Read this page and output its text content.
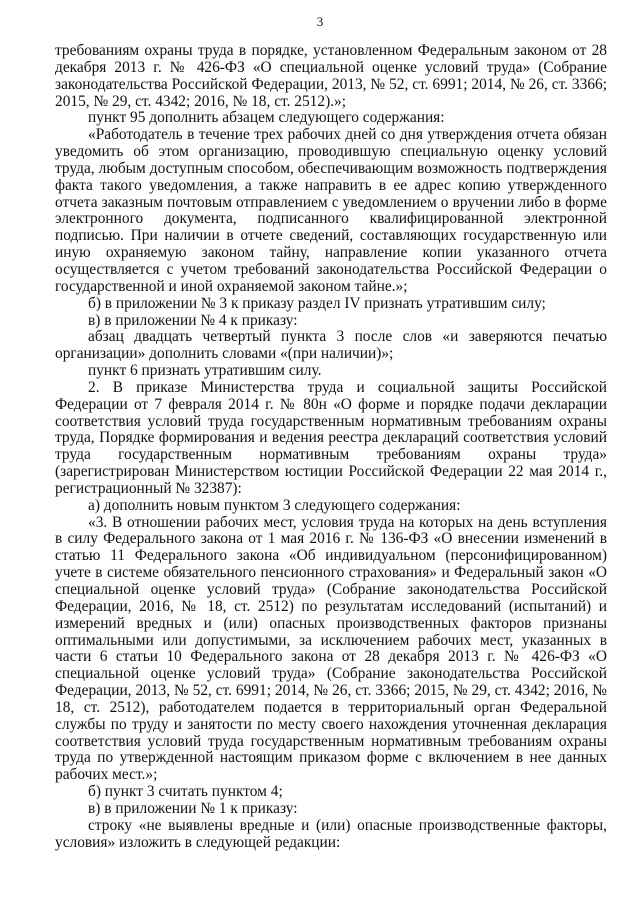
3

требованиям охраны труда в порядке, установленном Федеральным законом от 28 декабря 2013 г. № 426-ФЗ «О специальной оценке условий труда» (Собрание законодательства Российской Федерации, 2013, № 52, ст. 6991; 2014, № 26, ст. 3366; 2015, № 29, ст. 4342; 2016, № 18, ст. 2512).»;

пункт 95 дополнить абзацем следующего содержания:

«Работодатель в течение трех рабочих дней со дня утверждения отчета обязан уведомить об этом организацию, проводившую специальную оценку условий труда, любым доступным способом, обеспечивающим возможность подтверждения факта такого уведомления, а также направить в ее адрес копию утвержденного отчета заказным почтовым отправлением с уведомлением о вручении либо в форме электронного документа, подписанного квалифицированной электронной подписью. При наличии в отчете сведений, составляющих государственную или иную охраняемую законом тайну, направление копии указанного отчета осуществляется с учетом требований законодательства Российской Федерации о государственной и иной охраняемой законом тайне.»;

б) в приложении № 3 к приказу раздел IV признать утратившим силу;

в) в приложении № 4 к приказу:

абзац двадцать четвертый пункта 3 после слов «и заверяются печатью организации» дополнить словами «(при наличии)»;

пункт 6 признать утратившим силу.

2. В приказе Министерства труда и социальной защиты Российской Федерации от 7 февраля 2014 г. № 80н «О форме и порядке подачи декларации соответствия условий труда государственным нормативным требованиям охраны труда, Порядке формирования и ведения реестра деклараций соответствия условий труда государственным нормативным требованиям охраны труда» (зарегистрирован Министерством юстиции Российской Федерации 22 мая 2014 г., регистрационный № 32387):

а) дополнить новым пунктом 3 следующего содержания:

«3. В отношении рабочих мест, условия труда на которых на день вступления в силу Федерального закона от 1 мая 2016 г. № 136-ФЗ «О внесении изменений в статью 11 Федерального закона «Об индивидуальном (персонифицированном) учете в системе обязательного пенсионного страхования» и Федеральный закон «О специальной оценке условий труда» (Собрание законодательства Российской Федерации, 2016, № 18, ст. 2512) по результатам исследований (испытаний) и измерений вредных и (или) опасных производственных факторов признаны оптимальными или допустимыми, за исключением рабочих мест, указанных в части 6 статьи 10 Федерального закона от 28 декабря 2013 г. № 426-ФЗ «О специальной оценке условий труда» (Собрание законодательства Российской Федерации, 2013, № 52, ст. 6991; 2014, № 26, ст. 3366; 2015, № 29, ст. 4342; 2016, № 18, ст. 2512), работодателем подается в территориальный орган Федеральной службы по труду и занятости по месту своего нахождения уточненная декларация соответствия условий труда государственным нормативным требованиям охраны труда по утвержденной настоящим приказом форме с включением в нее данных рабочих мест.»;

б) пункт 3 считать пунктом 4;

в) в приложении № 1 к приказу:

строку «не выявлены вредные и (или) опасные производственные факторы, условия» изложить в следующей редакции:
